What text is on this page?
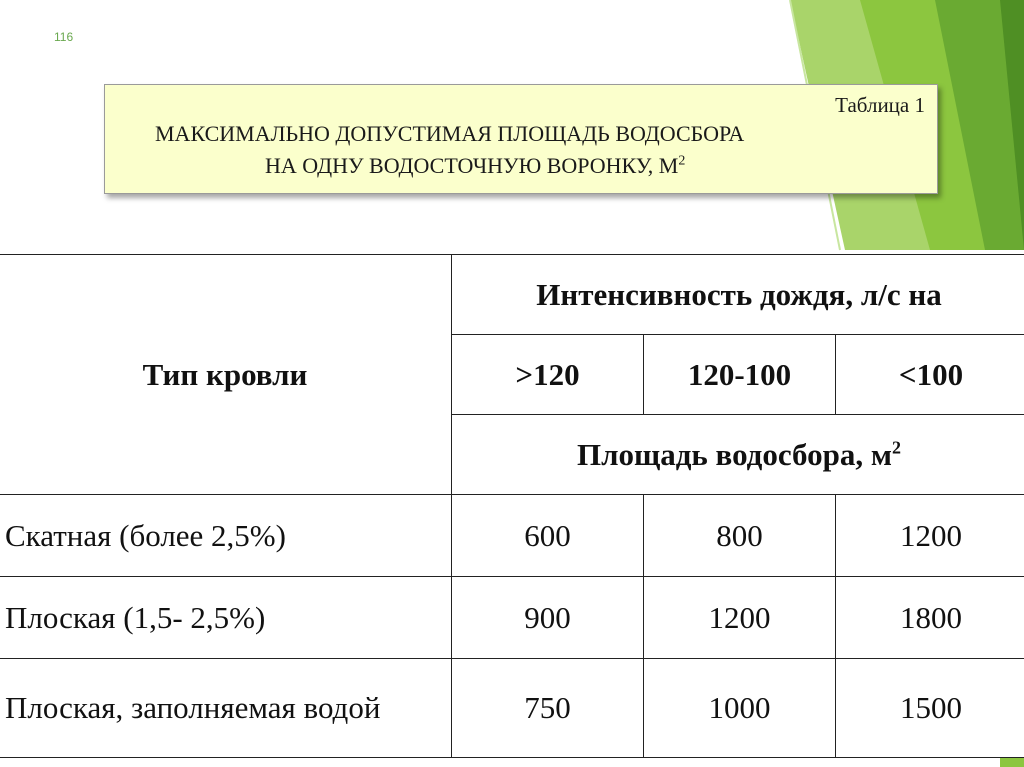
116
Таблица 1
МАКСИМАЛЬНО ДОПУСТИМАЯ ПЛОЩАДЬ ВОДОСБОРА
НА ОДНУ ВОДОСТОЧНУЮ ВОРОНКУ, $М^2$
Тип кровли	Интенсивность дождя, л/с на		
	>120	120-100	<100
	Площадь водосбора, $м^2$
Скатная (более 2,5%)	600	800	1200
Плоская (1,5- 2,5%)	900	1200	1800
Плоская, заполняемая водой	750	1000	1500
